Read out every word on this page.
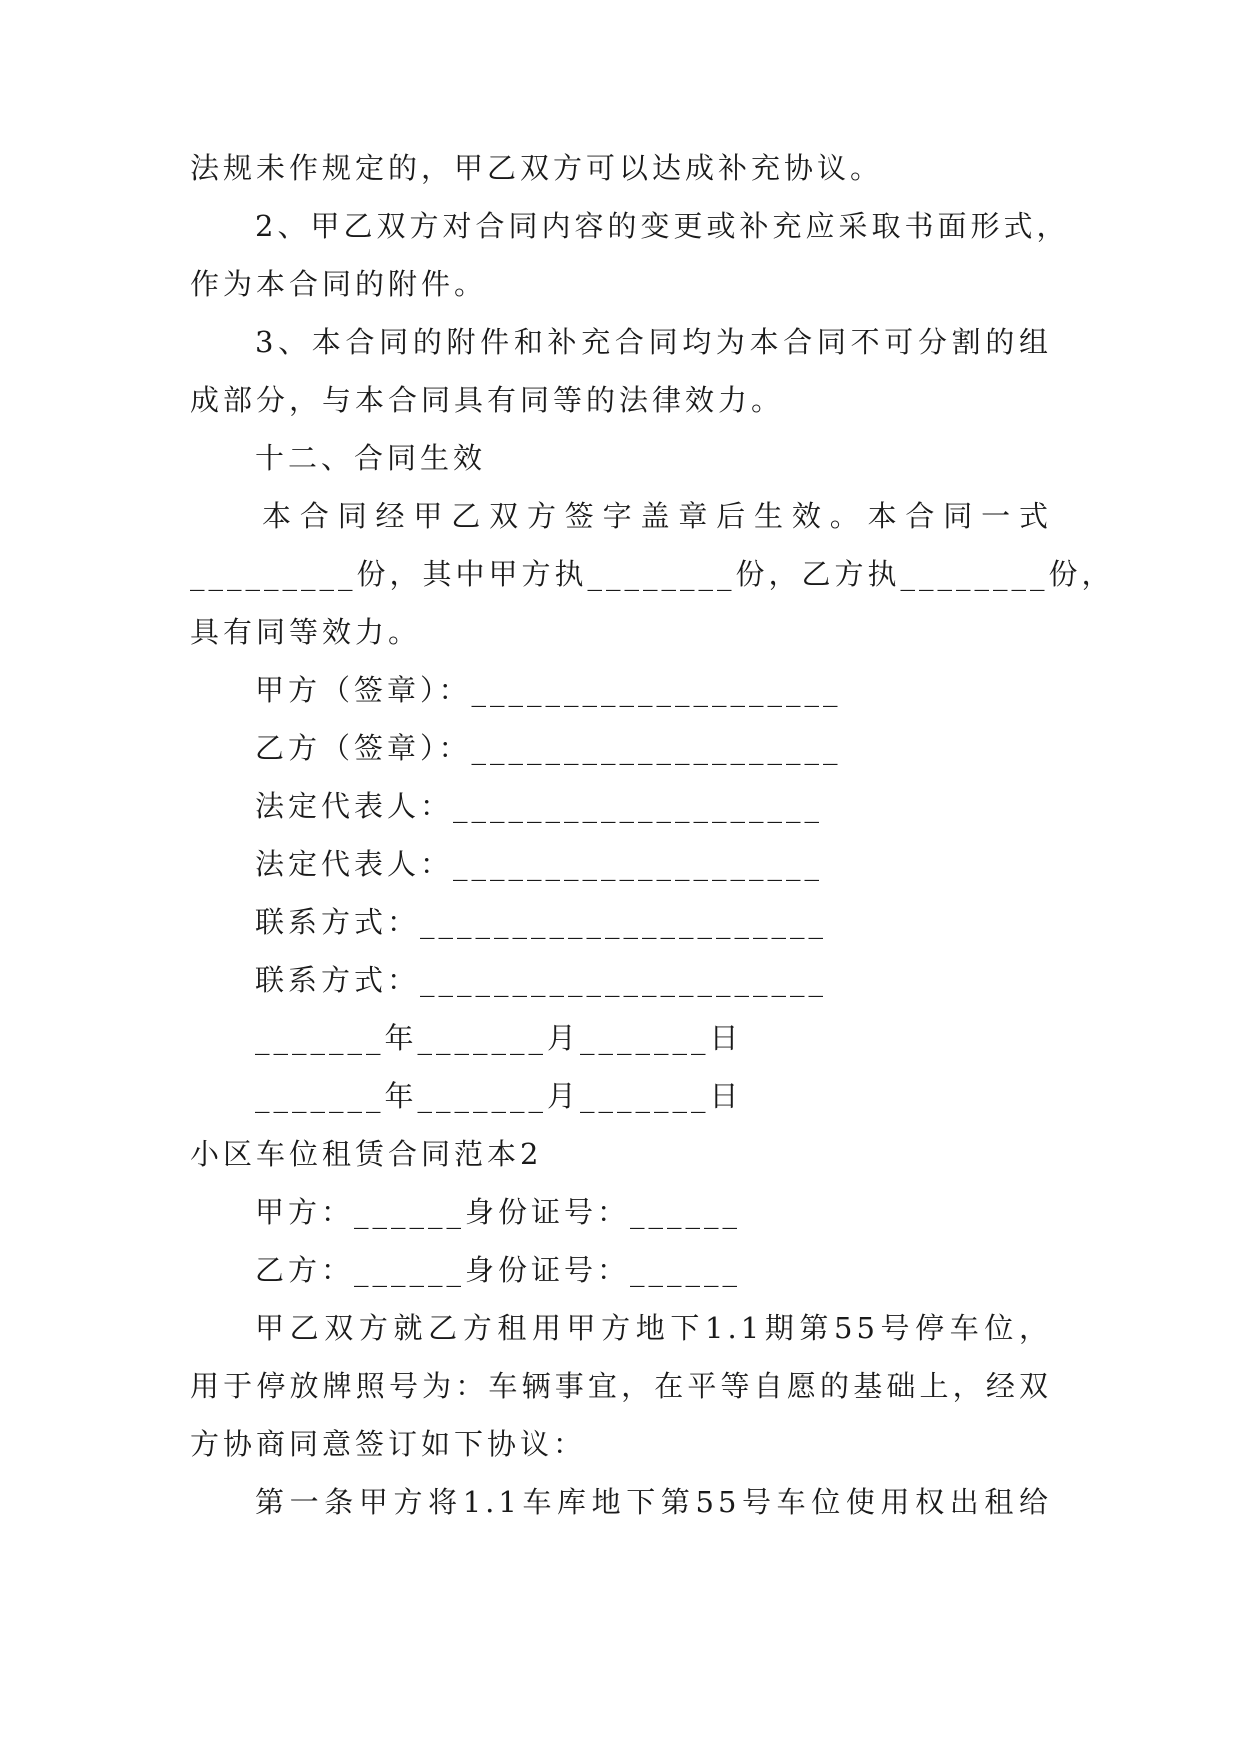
法规未作规定的，甲乙双方可以达成补充协议。
2、甲乙双方对合同内容的变更或补充应采取书面形式，
作为本合同的附件。
3、本合同的附件和补充合同均为本合同不可分割的组
成部分，与本合同具有同等的法律效力。
十二、合同生效
本合同经甲乙双方签字盖章后生效。本合同一式
_________份，其中甲方执________份，乙方执________份，
具有同等效力。
甲方（签章）：____________________
乙方（签章）：____________________
法定代表人：____________________
法定代表人：____________________
联系方式：______________________
联系方式：______________________
_______年_______月_______日
_______年_______月_______日
小区车位租赁合同范本2
甲方：______身份证号：______
乙方：______身份证号：______
甲乙双方就乙方租用甲方地下1.1期第55号停车位，
用于停放牌照号为：车辆事宜，在平等自愿的基础上，经双
方协商同意签订如下协议：
第一条甲方将1.1车库地下第55号车位使用权出租给
